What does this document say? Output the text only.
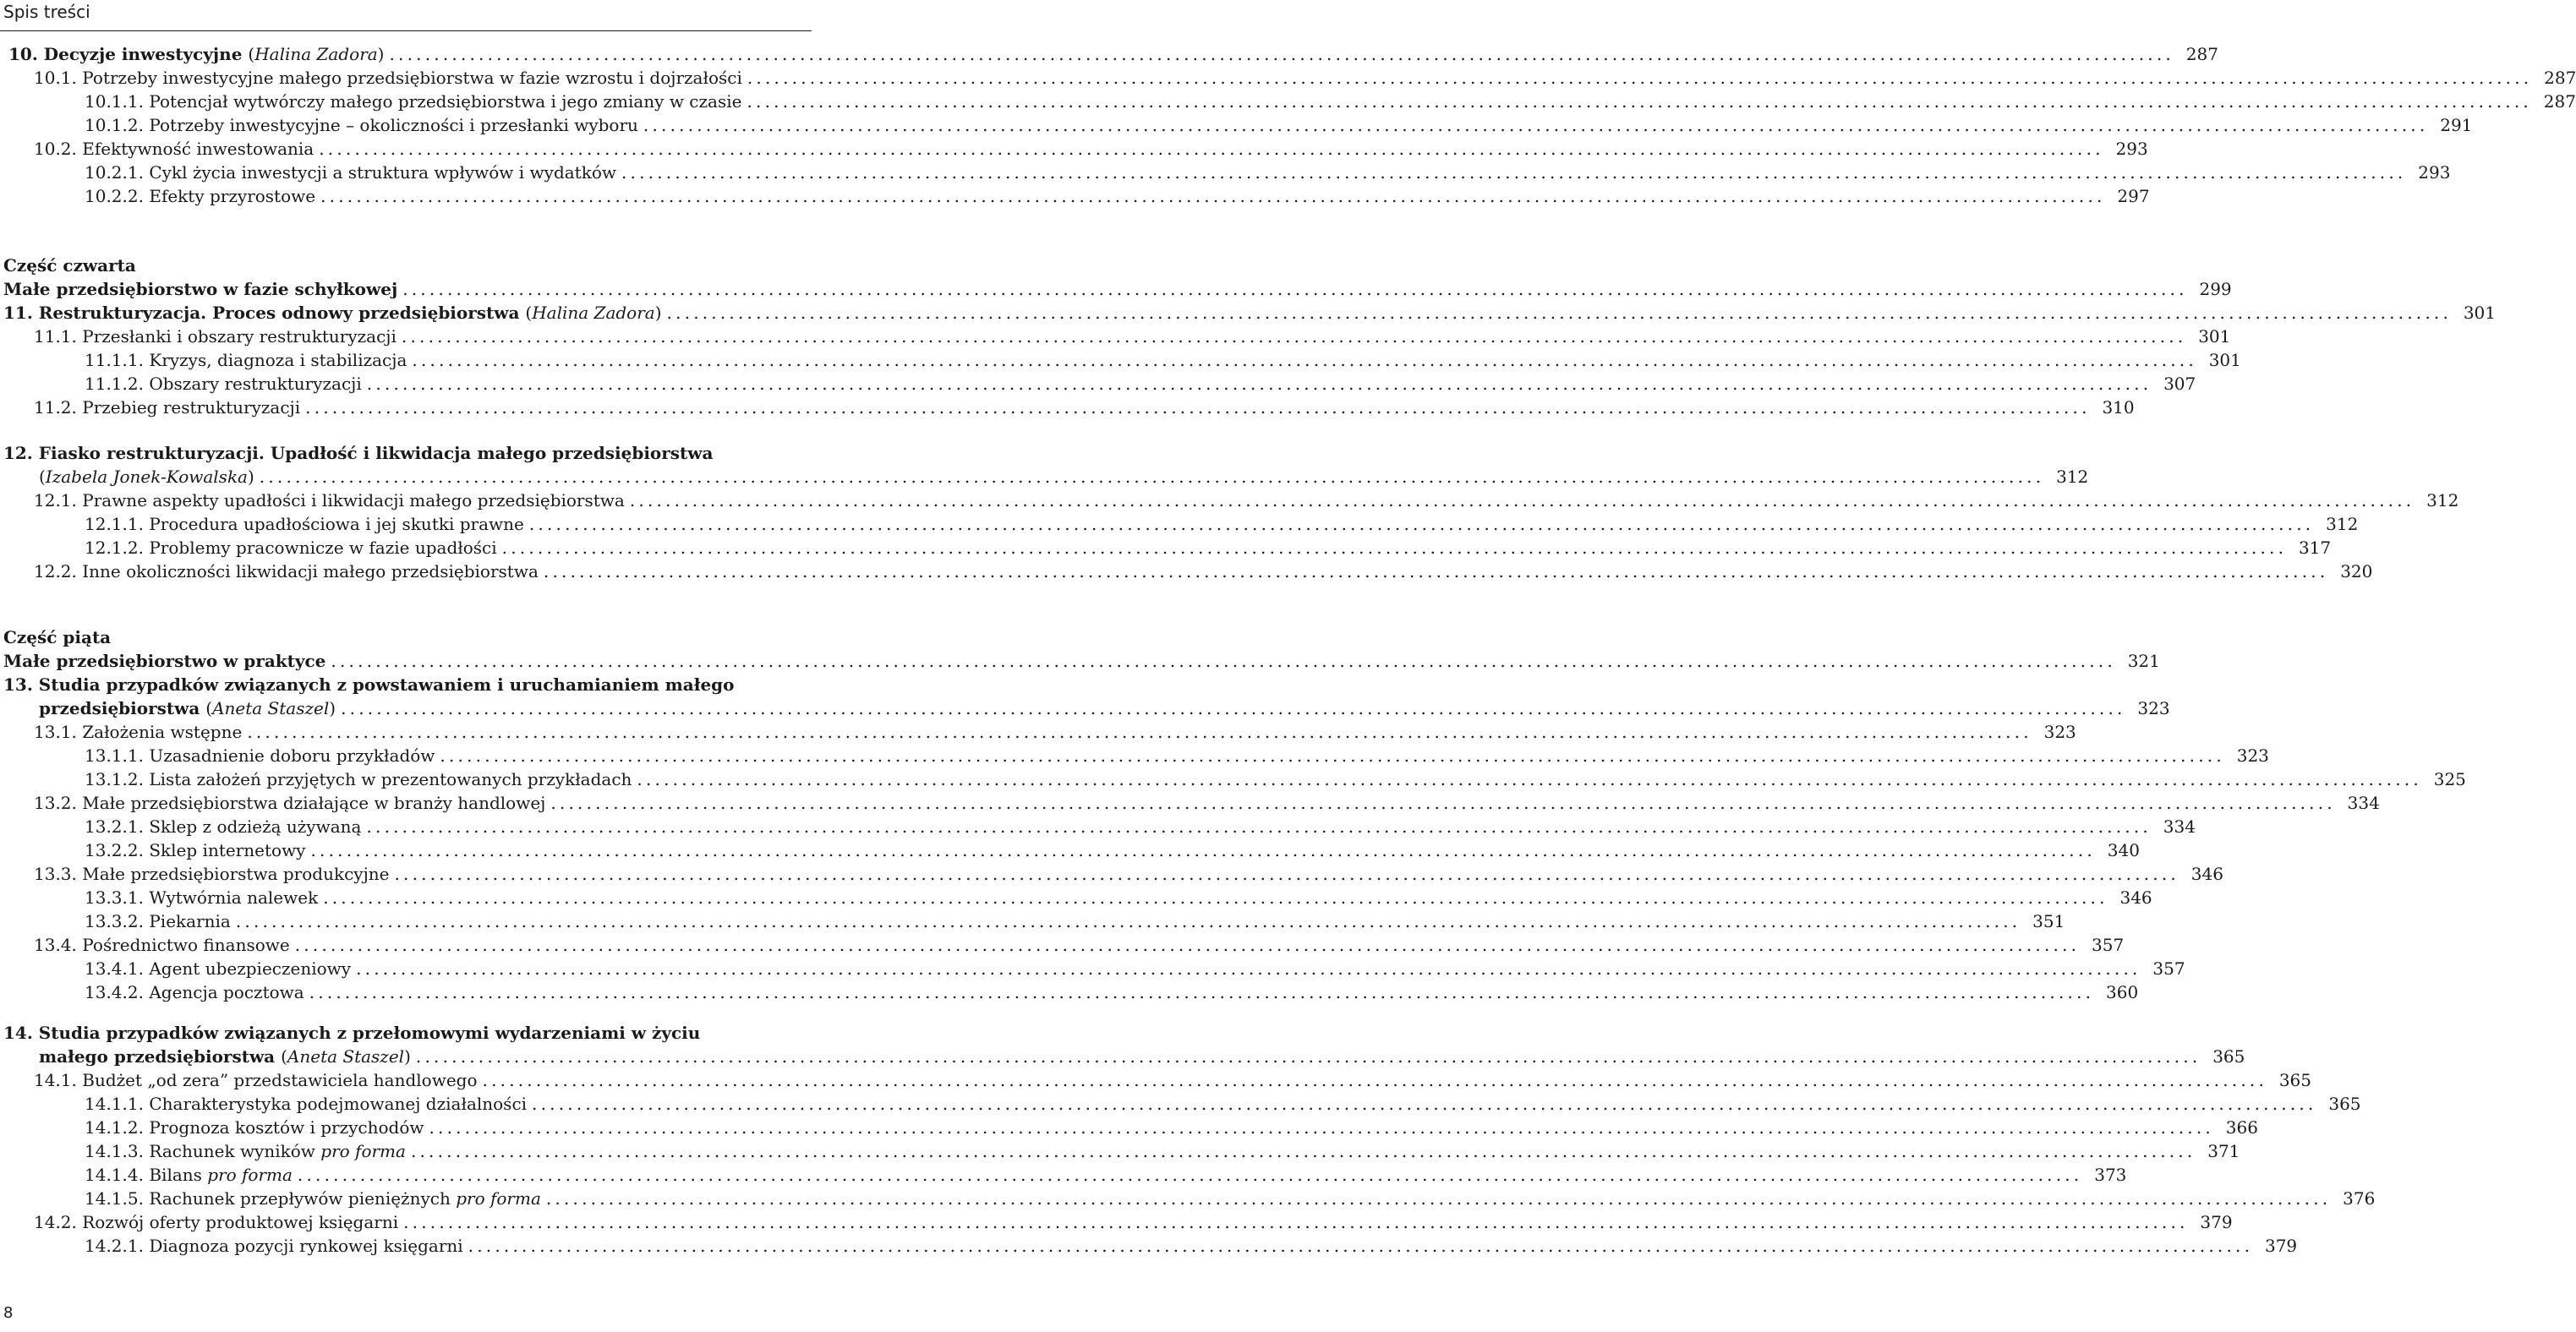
Spis treści
10. Decyzje inwestycyjne (Halina Zadora) ........................................................................................................................................................................................................ 287
10.1. Potrzeby inwestycyjne małego przedsiębiorstwa w fazie wzrostu i dojrzałości ........................................................................................................................................................................................................ 287
10.1.1. Potencjał wytwórczy małego przedsiębiorstwa i jego zmiany w czasie ........................................................................................................................................................................................................ 287
10.1.2. Potrzeby inwestycyjne – okoliczności i przesłanki wyboru ........................................................................................................................................................................................................ 291
10.2. Efektywność inwestowania ........................................................................................................................................................................................................ 293
10.2.1. Cykl życia inwestycji a struktura wpływów i wydatków ........................................................................................................................................................................................................ 293
10.2.2. Efekty przyrostowe ........................................................................................................................................................................................................ 297
Część czwarta
Małe przedsiębiorstwo w fazie schyłkowej ........................................................................................................................................................................................................ 299
11. Restrukturyzacja. Proces odnowy przedsiębiorstwa (Halina Zadora) ........................................................................................................................................................................................................ 301
11.1. Przesłanki i obszary restrukturyzacji ........................................................................................................................................................................................................ 301
11.1.1. Kryzys, diagnoza i stabilizacja ........................................................................................................................................................................................................ 301
11.1.2. Obszary restrukturyzacji ........................................................................................................................................................................................................ 307
11.2. Przebieg restrukturyzacji ........................................................................................................................................................................................................ 310
12. Fiasko restrukturyzacji. Upadłość i likwidacja małego przedsiębiorstwa
(Izabela Jonek-Kowalska) ........................................................................................................................................................................................................ 312
12.1. Prawne aspekty upadłości i likwidacji małego przedsiębiorstwa ........................................................................................................................................................................................................ 312
12.1.1. Procedura upadłościowa i jej skutki prawne ........................................................................................................................................................................................................ 312
12.1.2. Problemy pracownicze w fazie upadłości ........................................................................................................................................................................................................ 317
12.2. Inne okoliczności likwidacji małego przedsiębiorstwa ........................................................................................................................................................................................................ 320
Część piąta
Małe przedsiębiorstwo w praktyce ........................................................................................................................................................................................................ 321
13. Studia przypadków związanych z powstawaniem i uruchamianiem małego
przedsiębiorstwa (Aneta Staszel) ........................................................................................................................................................................................................ 323
13.1. Założenia wstępne ........................................................................................................................................................................................................ 323
13.1.1. Uzasadnienie doboru przykładów ........................................................................................................................................................................................................ 323
13.1.2. Lista założeń przyjętych w prezentowanych przykładach ........................................................................................................................................................................................................ 325
13.2. Małe przedsiębiorstwa działające w branży handlowej ........................................................................................................................................................................................................ 334
13.2.1. Sklep z odzieżą używaną ........................................................................................................................................................................................................ 334
13.2.2. Sklep internetowy ........................................................................................................................................................................................................ 340
13.3. Małe przedsiębiorstwa produkcyjne ........................................................................................................................................................................................................ 346
13.3.1. Wytwórnia nalewek ........................................................................................................................................................................................................ 346
13.3.2. Piekarnia ........................................................................................................................................................................................................ 351
13.4. Pośrednictwo finansowe ........................................................................................................................................................................................................ 357
13.4.1. Agent ubezpieczeniowy ........................................................................................................................................................................................................ 357
13.4.2. Agencja pocztowa ........................................................................................................................................................................................................ 360
14. Studia przypadków związanych z przełomowymi wydarzeniami w życiu
małego przedsiębiorstwa (Aneta Staszel) ........................................................................................................................................................................................................ 365
14.1. Budżet „od zera” przedstawiciela handlowego ........................................................................................................................................................................................................ 365
14.1.1. Charakterystyka podejmowanej działalności ........................................................................................................................................................................................................ 365
14.1.2. Prognoza kosztów i przychodów ........................................................................................................................................................................................................ 366
14.1.3. Rachunek wyników pro forma ........................................................................................................................................................................................................ 371
14.1.4. Bilans pro forma ........................................................................................................................................................................................................ 373
14.1.5. Rachunek przepływów pieniężnych pro forma ........................................................................................................................................................................................................ 376
14.2. Rozwój oferty produktowej księgarni ........................................................................................................................................................................................................ 379
14.2.1. Diagnoza pozycji rynkowej księgarni ........................................................................................................................................................................................................ 379
8
